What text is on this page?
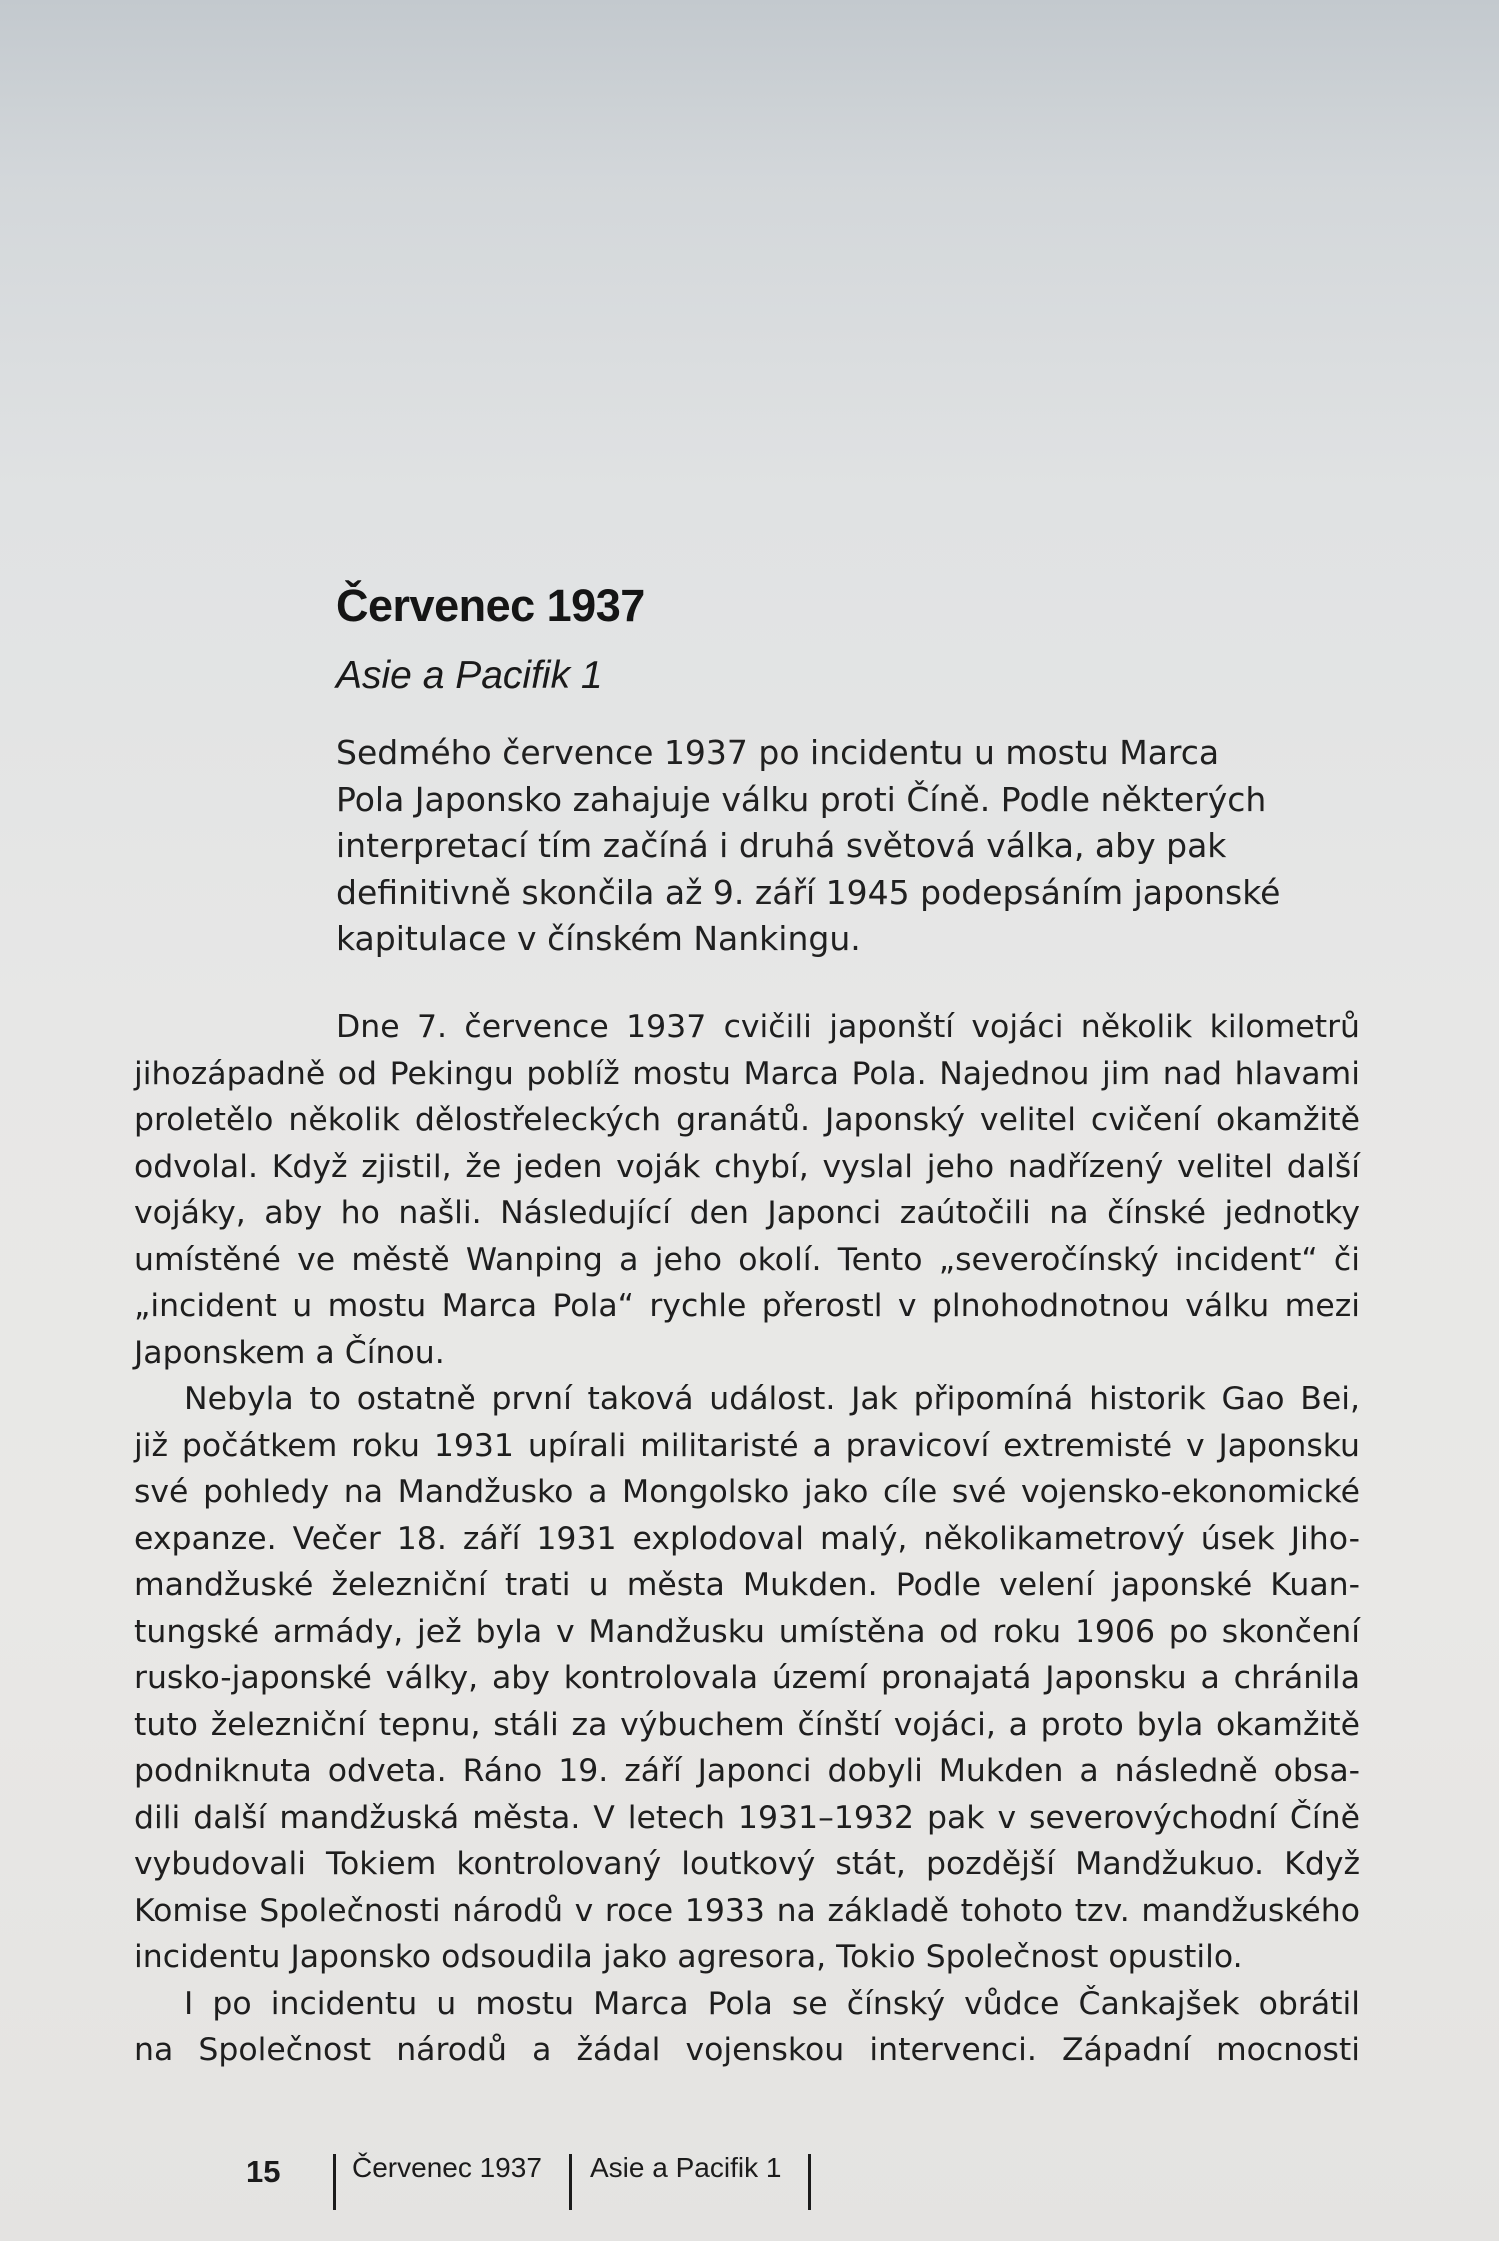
Červenec 1937
Asie a Pacifik 1
Sedmého července 1937 po incidentu u mostu Marca
Pola Japonsko zahajuje válku proti Číně. Podle některých
interpretací tím začíná i druhá světová válka, aby pak
definitivně skončila až 9. září 1945 podepsáním japonské
kapitulace v čínském Nankingu.
Dne 7. července 1937 cvičili japonští vojáci několik kilometrů
jihozápadně od Pekingu poblíž mostu Marca Pola. Najednou jim nad hlavami
proletělo několik dělostřeleckých granátů. Japonský velitel cvičení okamžitě
odvolal. Když zjistil, že jeden voják chybí, vyslal jeho nadřízený velitel další
vojáky, aby ho našli. Následující den Japonci zaútočili na čínské jednotky
umístěné ve městě Wanping a jeho okolí. Tento „severočínský incident“ či
„incident u mostu Marca Pola“ rychle přerostl v plnohodnotnou válku mezi
Japonskem a Čínou.
Nebyla to ostatně první taková událost. Jak připomíná historik Gao Bei,
již počátkem roku 1931 upírali militaristé a pravicoví extremisté v Japonsku
své pohledy na Mandžusko a Mongolsko jako cíle své vojensko-ekonomické
expanze. Večer 18. září 1931 explodoval malý, několikametrový úsek Jiho-
mandžuské železniční trati u města Mukden. Podle velení japonské Kuan-
tungské armády, jež byla v Mandžusku umístěna od roku 1906 po skončení
rusko-japonské války, aby kontrolovala území pronajatá Japonsku a chránila
tuto železniční tepnu, stáli za výbuchem čínští vojáci, a proto byla okamžitě
podniknuta odveta. Ráno 19. září Japonci dobyli Mukden a následně obsa-
dili další mandžuská města. V letech 1931–1932 pak v severovýchodní Číně
vybudovali Tokiem kontrolovaný loutkový stát, pozdější Mandžukuo. Když
Komise Společnosti národů v roce 1933 na základě tohoto tzv. mandžuského
incidentu Japonsko odsoudila jako agresora, Tokio Společnost opustilo.
I po incidentu u mostu Marca Pola se čínský vůdce Čankajšek obrátil
na Společnost národů a žádal vojenskou intervenci. Západní mocnosti
15	Červenec 1937 Asie a Pacifik 1
